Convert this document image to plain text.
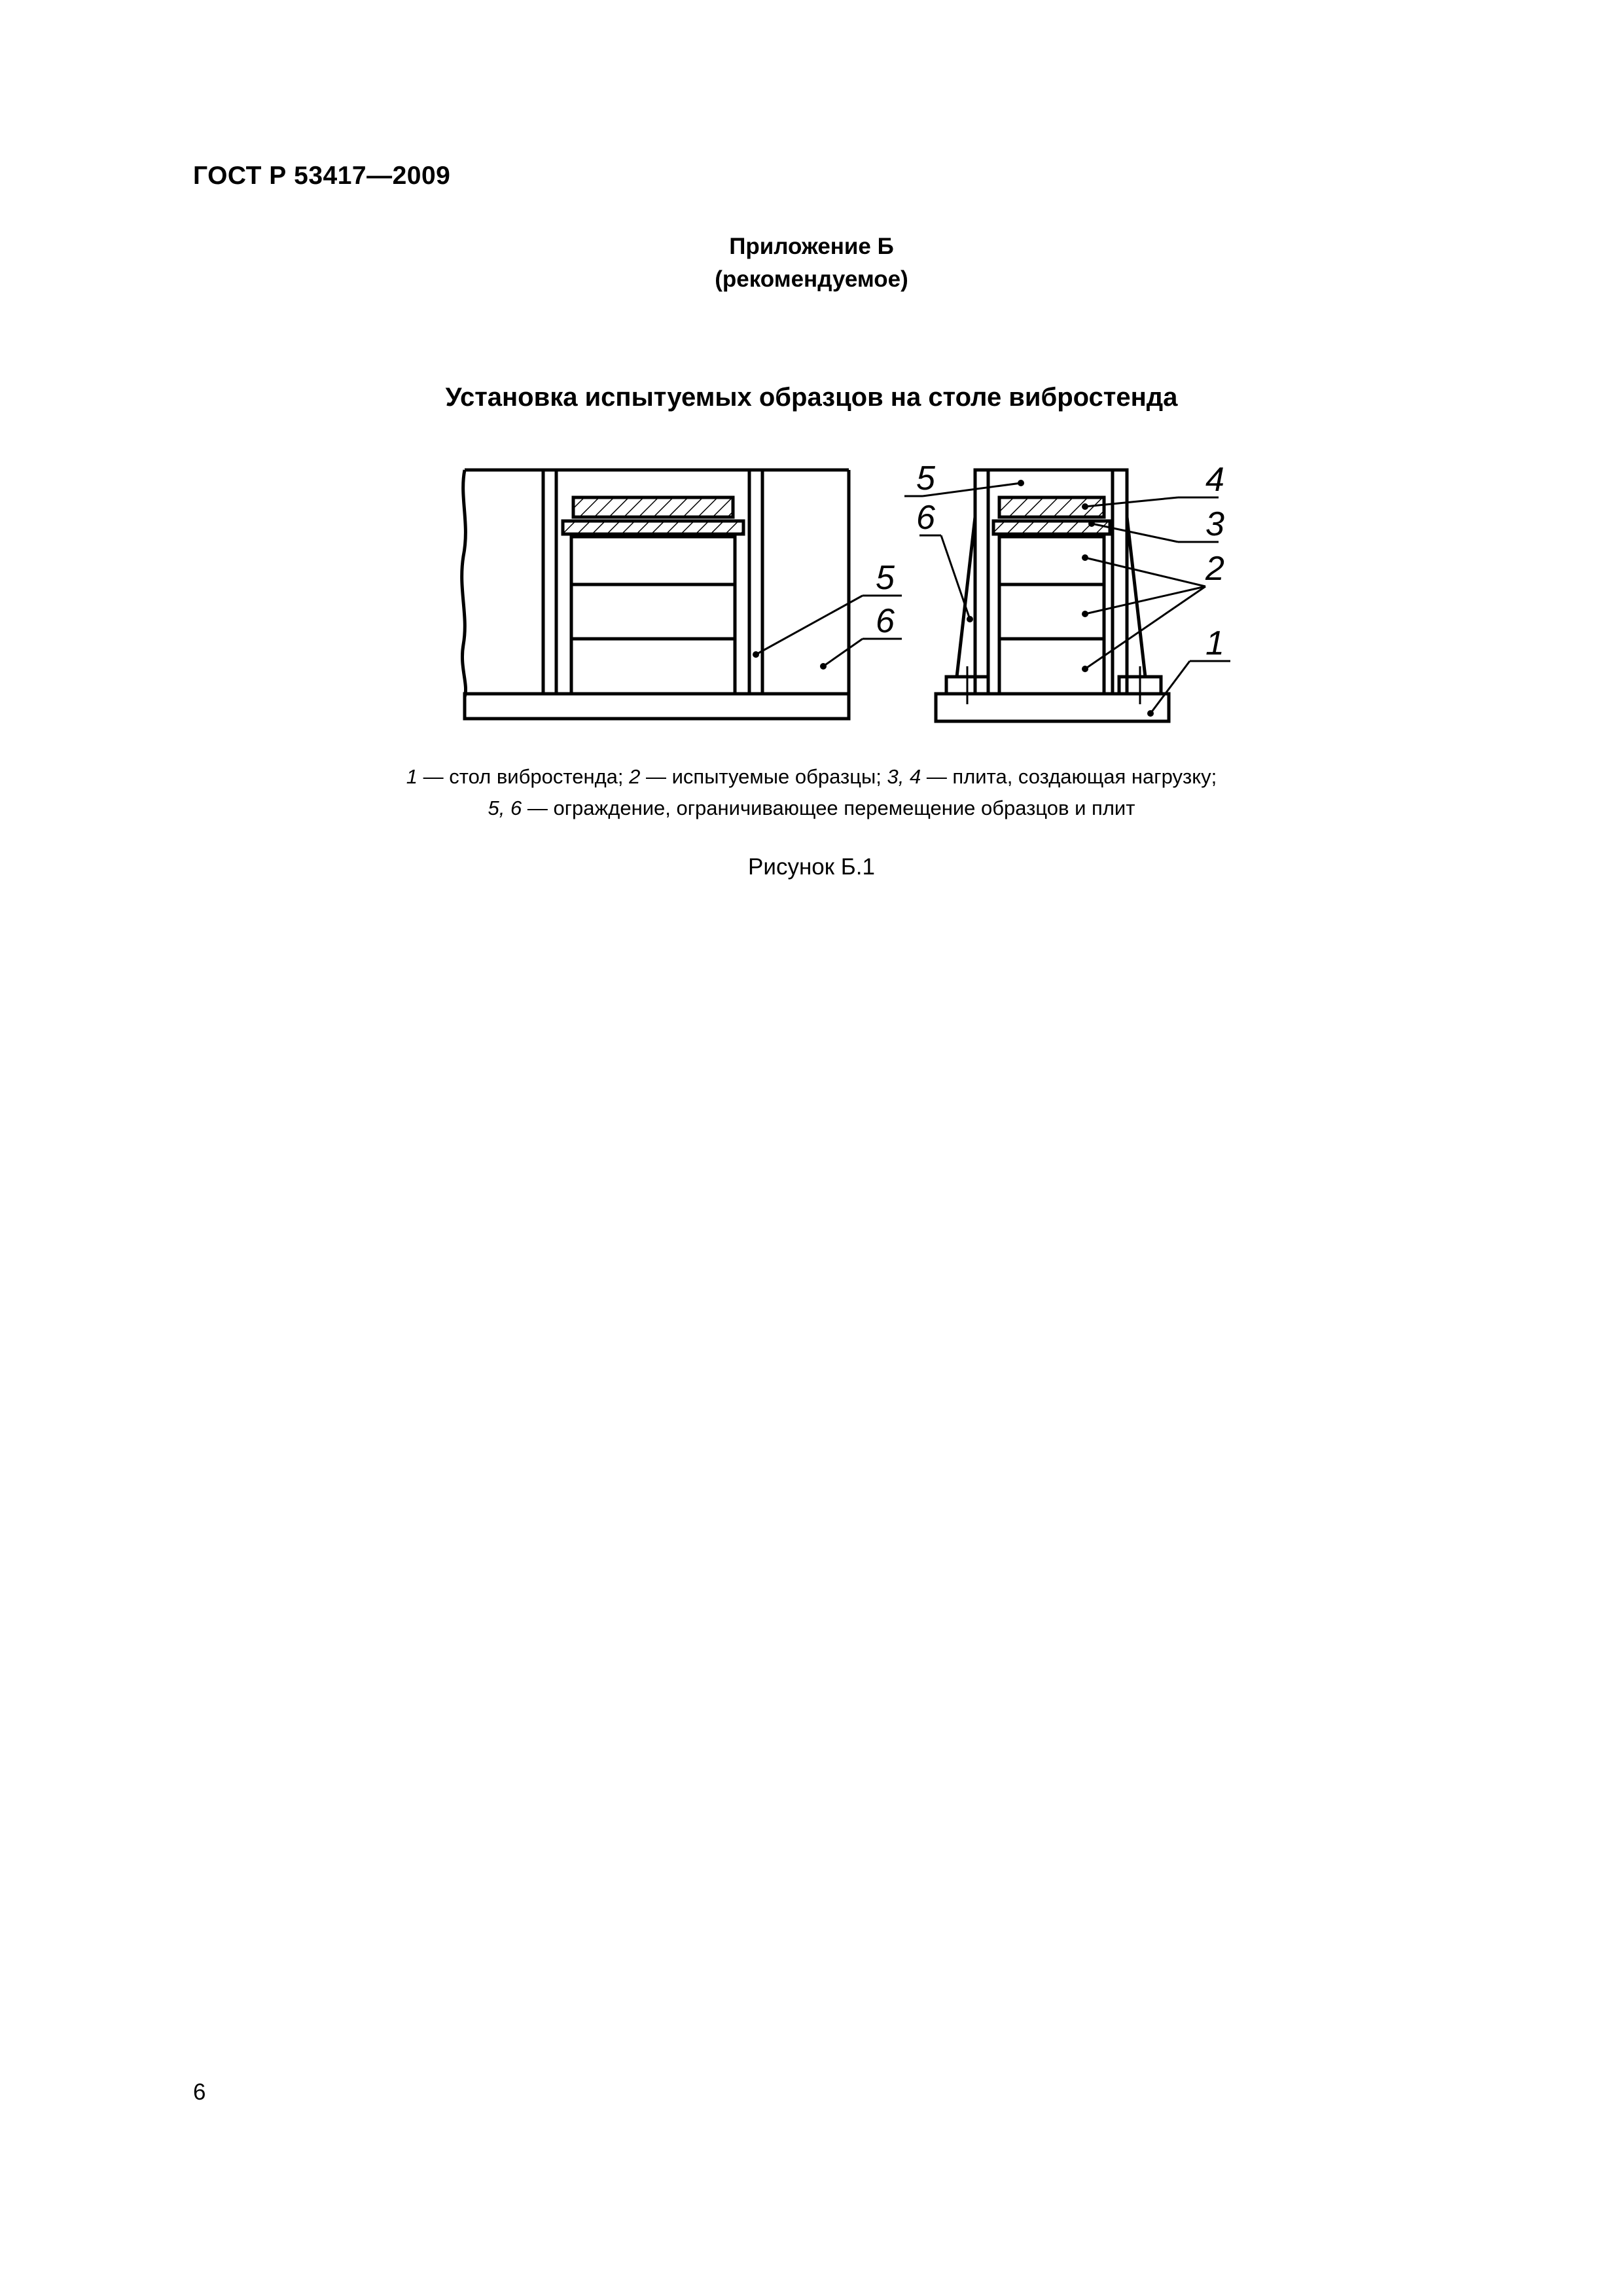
ГОСТ Р 53417—2009
Приложение Б
(рекомендуемое)
Установка испытуемых образцов на столе вибростенда
5
6
5
6
4
3
2
1
1 — стол вибростенда; 2 — испытуемые образцы; 3, 4 — плита, создающая нагрузку;
5, 6 — ограждение, ограничивающее перемещение образцов и плит
Рисунок Б.1
6
